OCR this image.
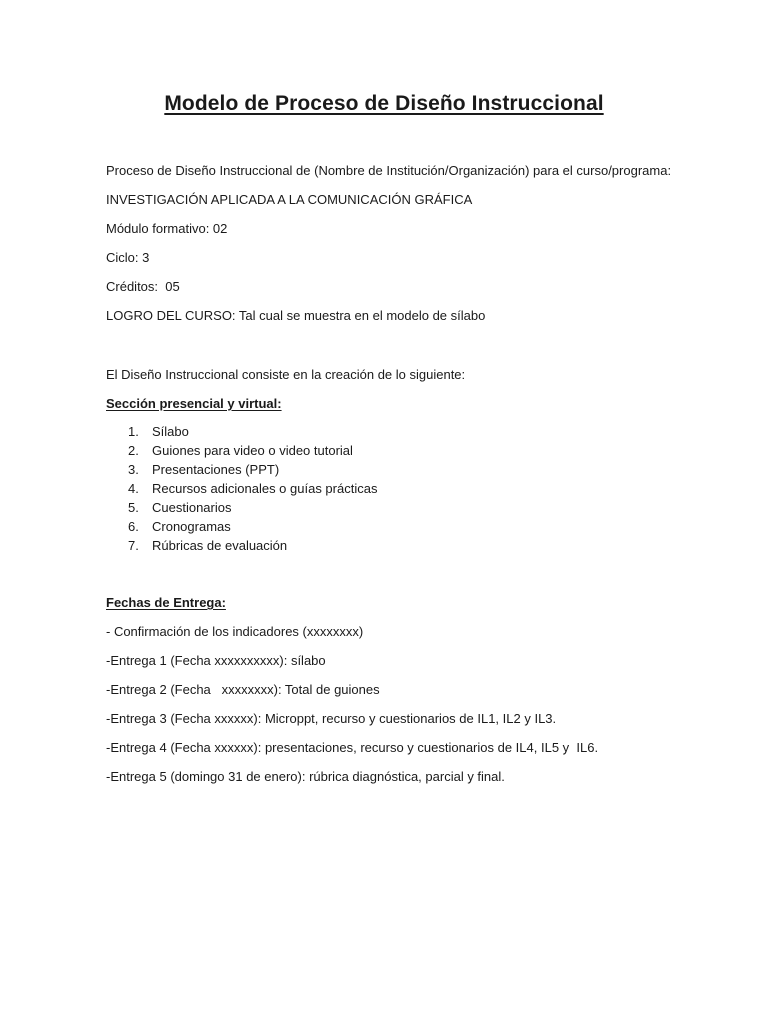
Modelo de Proceso de Diseño Instruccional
Proceso de Diseño Instruccional de (Nombre de Institución/Organización) para el curso/programa:
INVESTIGACIÓN APLICADA A LA COMUNICACIÓN GRÁFICA
Módulo formativo: 02
Ciclo: 3
Créditos:  05
LOGRO DEL CURSO: Tal cual se muestra en el modelo de sílabo
El Diseño Instruccional consiste en la creación de lo siguiente:
Sección presencial y virtual:
1.	Sílabo
2.	Guiones para video o video tutorial
3.	Presentaciones (PPT)
4.	Recursos adicionales o guías prácticas
5.	Cuestionarios
6.	Cronogramas
7.	Rúbricas de evaluación
Fechas de Entrega:
- Confirmación de los indicadores (xxxxxxxx)
-Entrega 1 (Fecha xxxxxxxxxx): sílabo
-Entrega 2 (Fecha   xxxxxxxx): Total de guiones
-Entrega 3 (Fecha xxxxxx): Microppt, recurso y cuestionarios de IL1, IL2 y IL3.
-Entrega 4 (Fecha xxxxxx): presentaciones, recurso y cuestionarios de IL4, IL5 y  IL6.
-Entrega 5 (domingo 31 de enero): rúbrica diagnóstica, parcial y final.
